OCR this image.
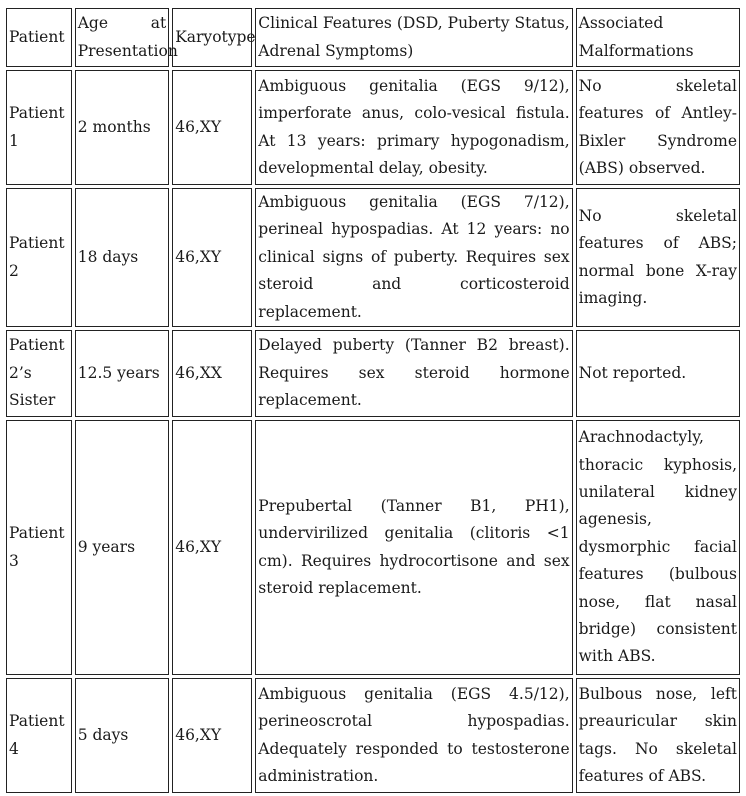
Patient	Age at Presentation	Karyotype	Clinical Features (DSD, Puberty Status, Adrenal Symptoms)	Associated Malformations
Patient 1	2 months	46,XY	Ambiguous genitalia (EGS 9/12), imperforate anus, colo-vesical fistula. At 13 years: primary hypogonadism, developmental delay, obesity.	No skeletal features of Antley-Bixler Syndrome (ABS) observed.
Patient 2	18 days	46,XY	Ambiguous genitalia (EGS 7/12), perineal hypospadias. At 12 years: no clinical signs of puberty. Requires sex steroid and corticosteroid replacement.	No skeletal features of ABS; normal bone X-ray imaging.
Patient 2’s Sister	12.5 years	46,XX	Delayed puberty (Tanner B2 breast). Requires sex steroid hormone replacement.	Not reported.
Patient 3	9 years	46,XY	Prepubertal (Tanner B1, PH1), undervirilized genitalia (clitoris <1 cm). Requires hydrocortisone and sex steroid replacement.	Arachnodactyly, thoracic kyphosis, unilateral kidney agenesis, dysmorphic facial features (bulbous nose, flat nasal bridge) consistent with ABS.
Patient 4	5 days	46,XY	Ambiguous genitalia (EGS 4.5/12), perineoscrotal hypospadias. Adequately responded to testosterone administration.	Bulbous nose, left preauricular skin tags. No skeletal features of ABS.
